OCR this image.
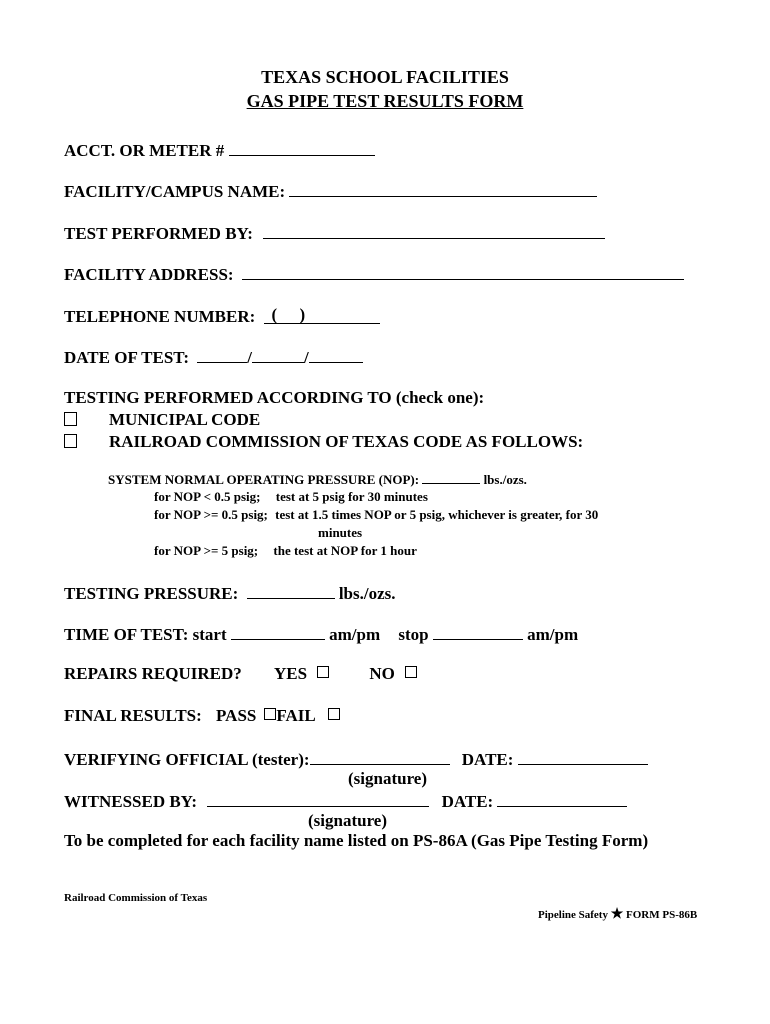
TEXAS SCHOOL FACILITIES
GAS PIPE TEST RESULTS FORM
ACCT. OR METER #
FACILITY/CAMPUS NAME:
TEST PERFORMED BY:
FACILITY ADDRESS:
TELEPHONE NUMBER: ( )
DATE OF TEST:	/	/
TESTING PERFORMED ACCORDING TO (check one):
MUNICIPAL CODE
RAILROAD COMMISSION OF TEXAS CODE AS FOLLOWS:
SYSTEM NORMAL OPERATING PRESSURE (NOP):	lbs./ozs.
for NOP < 0.5 psig; test at 5 psig for 30 minutes
for NOP >= 0.5 psig; test at 1.5 times NOP or 5 psig, whichever is greater, for 30
minutes
for NOP >= 5 psig; the test at NOP for 1 hour
TESTING PRESSURE:	lbs./ozs.
TIME OF TEST: start	am/pm stop	am/pm
REPAIRS REQUIRED? YES	NO
FINAL RESULTS: PASS FAIL
VERIFYING OFFICIAL (tester):	DATE:
(signature)
WITNESSED BY:	DATE:
(signature)
To be completed for each facility name listed on PS-86A (Gas Pipe Testing Form)
Railroad Commission of Texas
Pipeline Safety ★ FORM PS-86B
